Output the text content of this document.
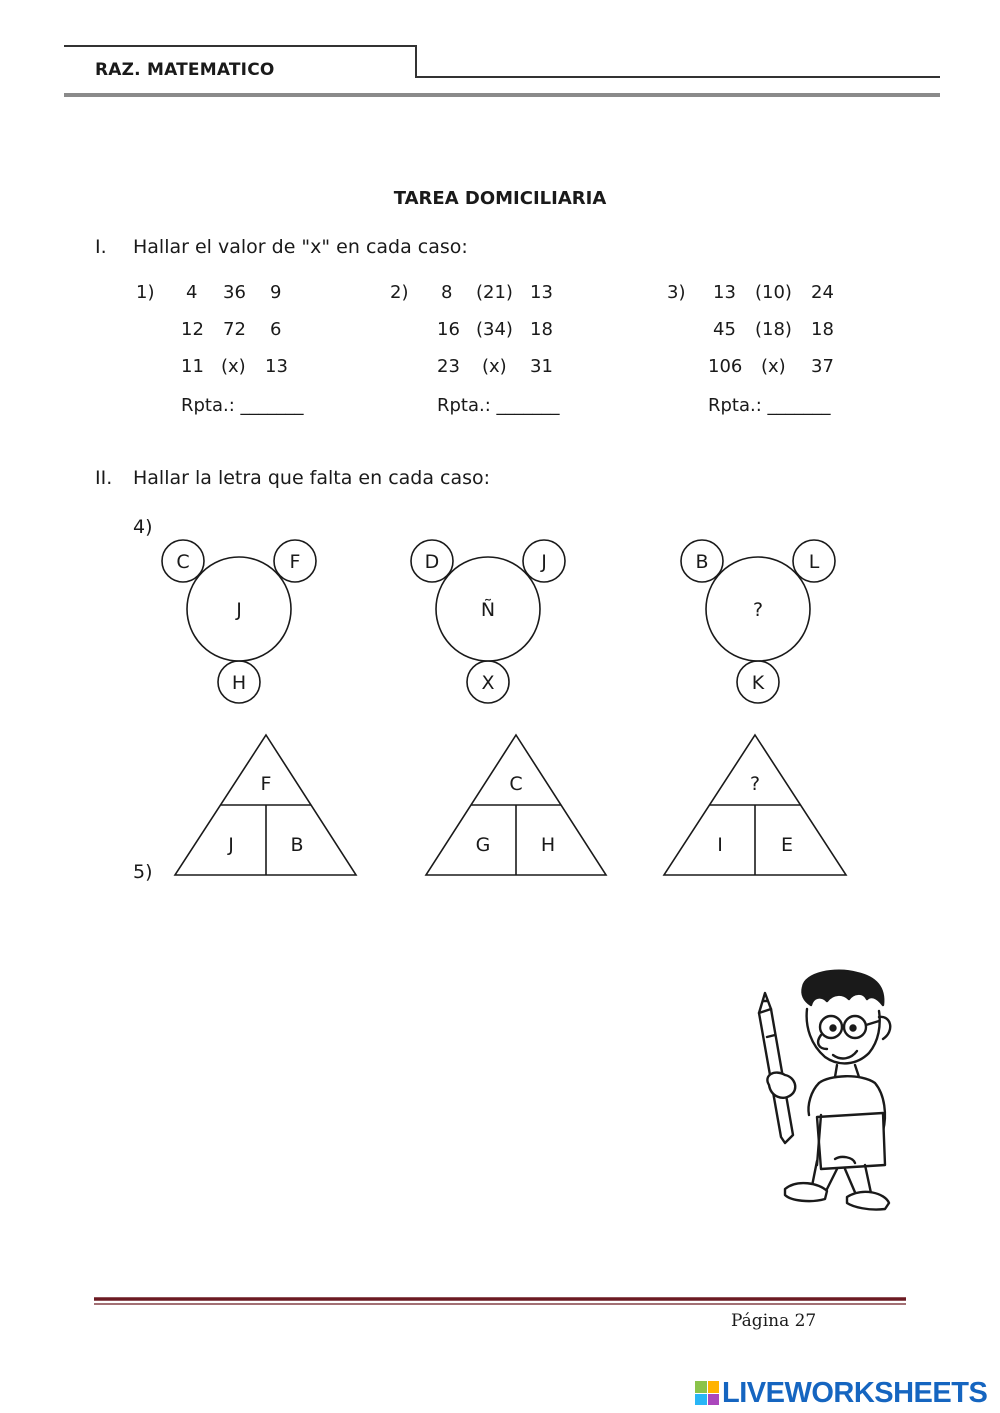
RAZ. MATEMATICO
TAREA DOMICILIARIA
I. Hallar el valor de "x" en cada caso:
1) 4 36 9
12 72 6
11 (x) 13
Rpta.: _______
2) 8 (21) 13
16 (34) 18
23 (x) 31
Rpta.: _______
3) 13 (10) 24
45 (18) 18
106 (x) 37
Rpta.: _______
II. Hallar la letra que falta en cada caso:
4)
5)
C	F
J
H
D	J
Ñ
X
B	L
?
K
F
J	B
C
G	H
?
I	E
Página 27
LIVEWORKSHEETS
